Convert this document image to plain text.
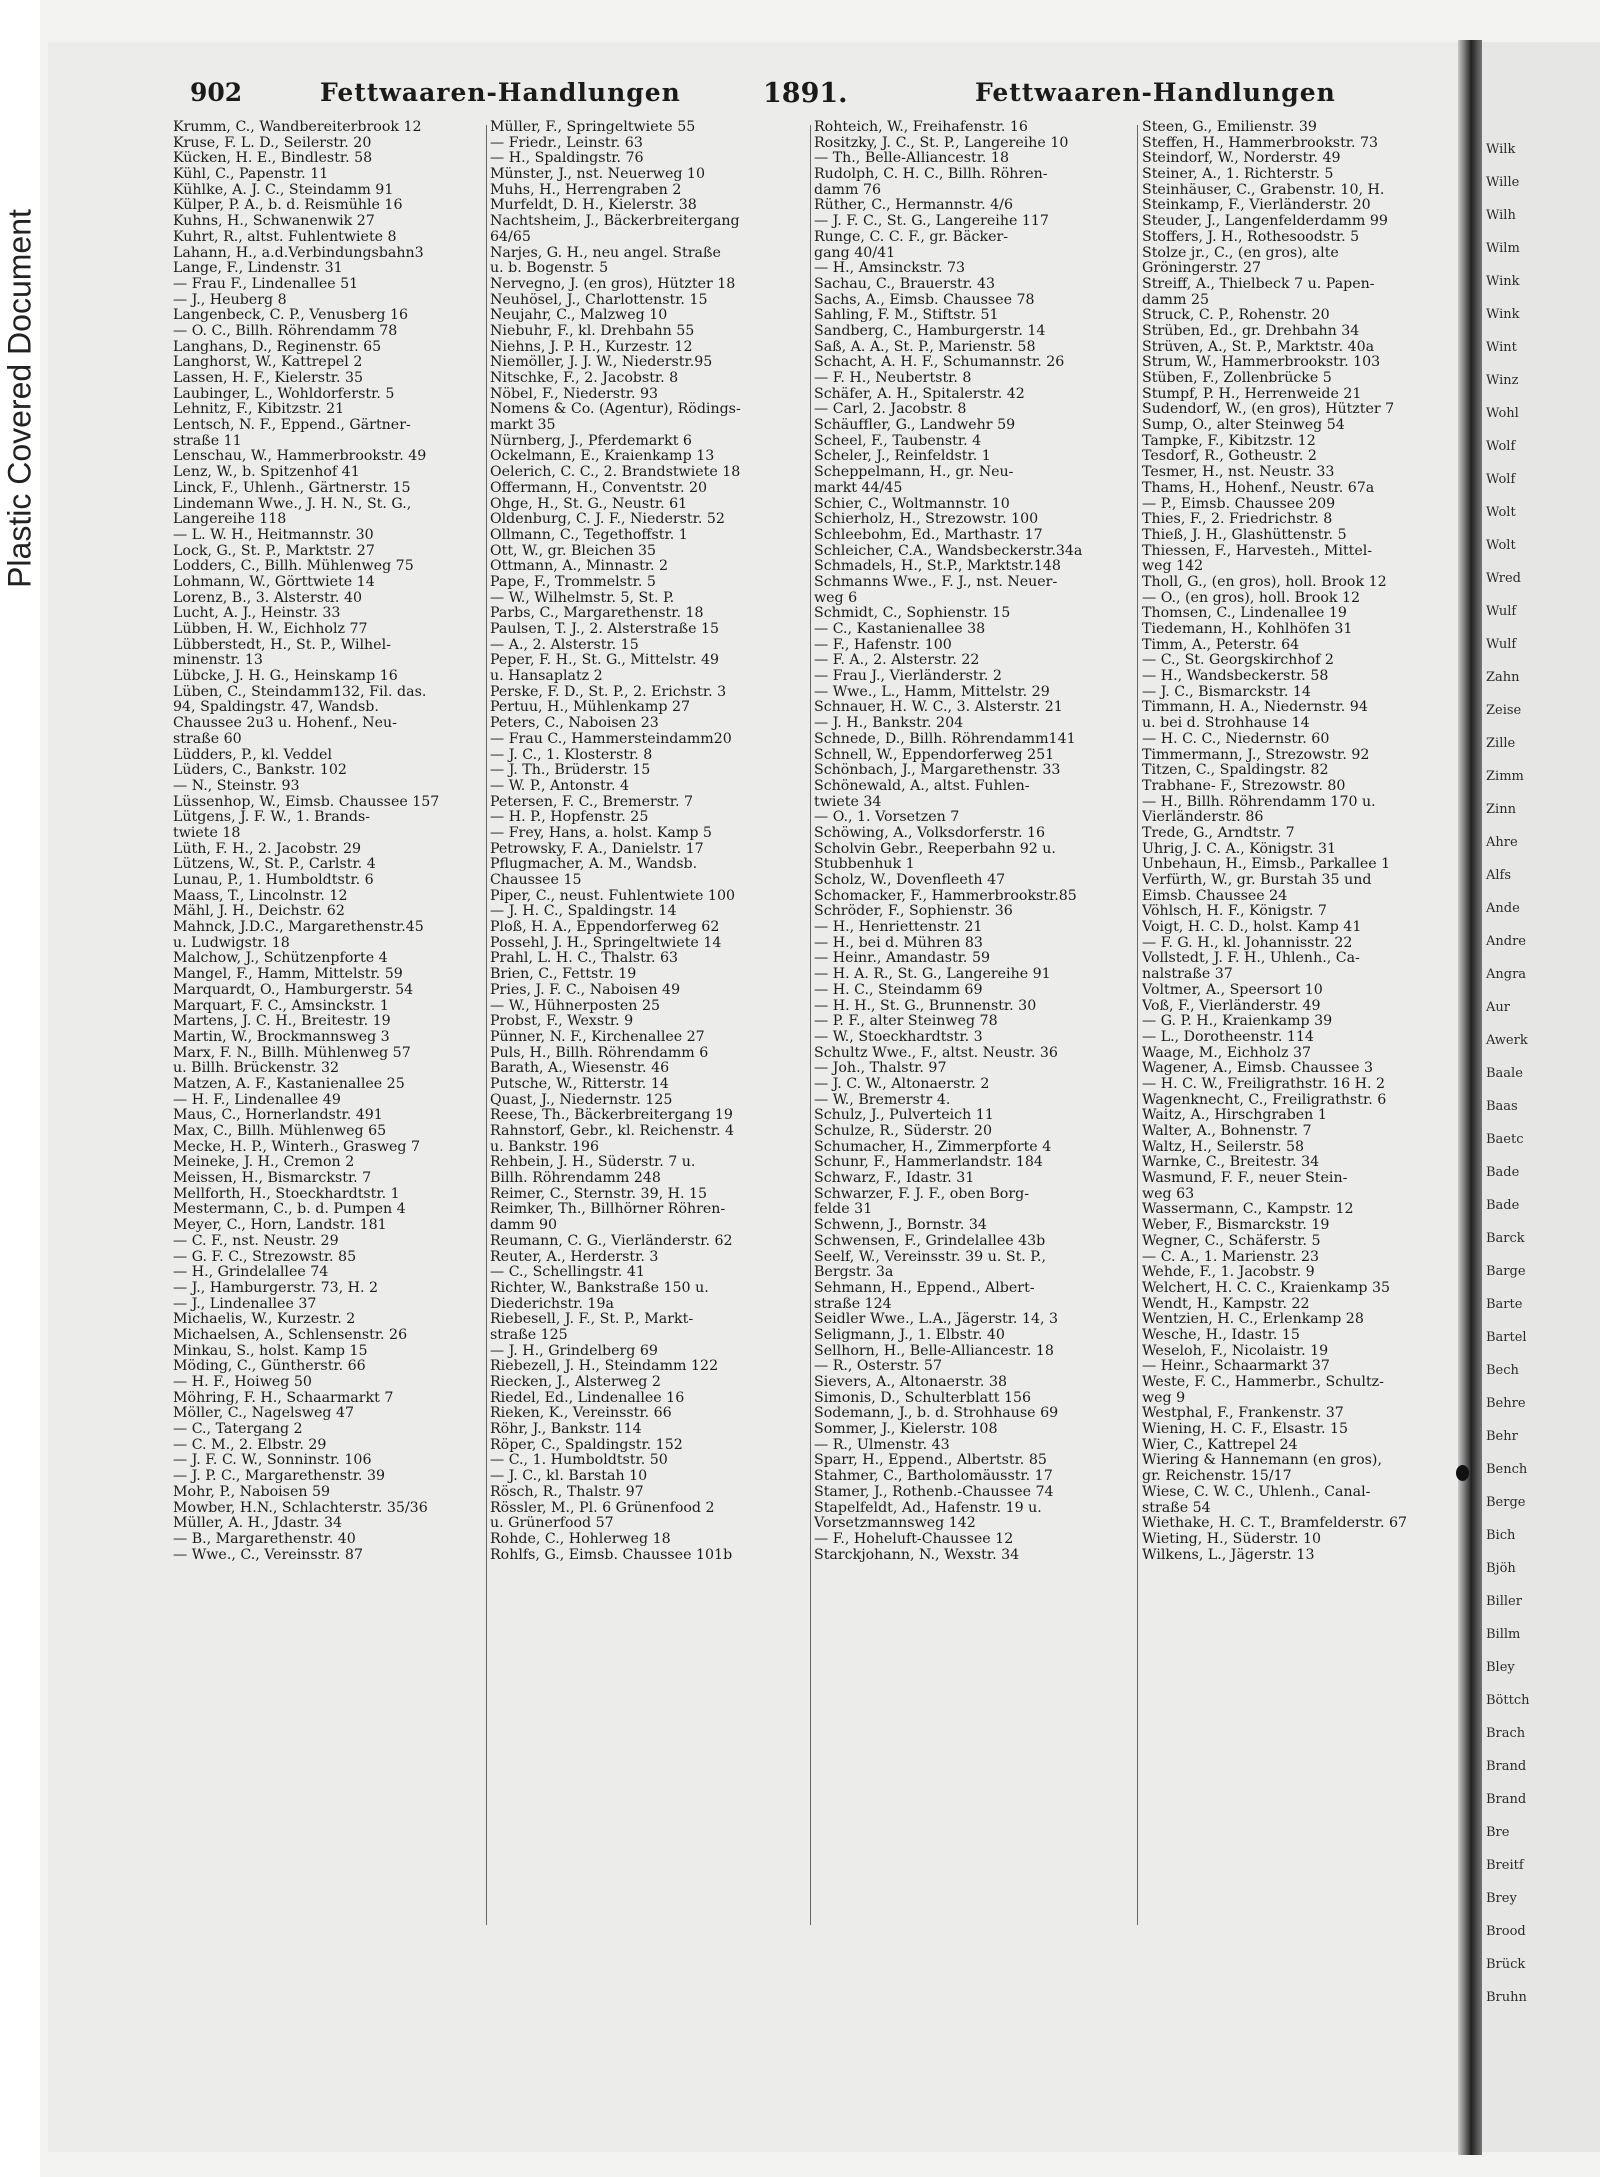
Plastic Covered Document
Wilk
Wille
Wilh
Wilm
Wink
Wink
Wint
Winz
Wohl
Wolf
Wolf
Wolt
Wolt
Wred
Wulf
Wulf
Zahn
Zeise
Zille
Zimm
Zinn
Ahre
Alfs
Ande
Andre
Angra
Aur
Awerk
Baale
Baas
Baetc
Bade
Bade
Barck
Barge
Barte
Bartel
Bech
Behre
Behr
Bench
Berge
Bich
Bjöh
Biller
Billm
Bley
Böttch
Brach
Brand
Brand
Bre
Breitf
Brey
Brood
Brück
Bruhn
902	Fettwaaren-Handlungen	1891.	Fettwaaren-Handlungen
Krumm, C., Wandbereiterbrook 12
Kruse, F. L. D., Seilerstr. 20
Kücken, H. E., Bindlestr. 58
Kühl, C., Papenstr. 11
Kühlke, A. J. C., Steindamm 91
Külper, P. A., b. d. Reismühle 16
Kuhns, H., Schwanenwik 27
Kuhrt, R., altst. Fuhlentwiete 8
Lahann, H., a.d.Verbindungsbahn3
Lange, F., Lindenstr. 31
— Frau F., Lindenallee 51
— J., Heuberg 8
Langenbeck, C. P., Venusberg 16
— O. C., Billh. Röhrendamm 78
Langhans, D., Reginenstr. 65
Langhorst, W., Kattrepel 2
Lassen, H. F., Kielerstr. 35
Laubinger, L., Wohldorferstr. 5
Lehnitz, F., Kibitzstr. 21
Lentsch, N. F., Eppend., Gärtner-
straße 11
Lenschau, W., Hammerbrookstr. 49
Lenz, W., b. Spitzenhof 41
Linck, F., Uhlenh., Gärtnerstr. 15
Lindemann Wwe., J. H. N., St. G.,
Langereihe 118
— L. W. H., Heitmannstr. 30
Lock, G., St. P., Marktstr. 27
Lodders, C., Billh. Mühlenweg 75
Lohmann, W., Görttwiete 14
Lorenz, B., 3. Alsterstr. 40
Lucht, A. J., Heinstr. 33
Lübben, H. W., Eichholz 77
Lübberstedt, H., St. P., Wilhel-
minenstr. 13
Lübcke, J. H. G., Heinskamp 16
Lüben, C., Steindamm132, Fil. das.
94, Spaldingstr. 47, Wandsb.
Chaussee 2u3 u. Hohenf., Neu-
straße 60
Lüdders, P., kl. Veddel
Lüders, C., Bankstr. 102
— N., Steinstr. 93
Lüssenhop, W., Eimsb. Chaussee 157
Lütgens, J. F. W., 1. Brands-
twiete 18
Lüth, F. H., 2. Jacobstr. 29
Lützens, W., St. P., Carlstr. 4
Lunau, P., 1. Humboldtstr. 6
Maass, T., Lincolnstr. 12
Mähl, J. H., Deichstr. 62
Mahnck, J.D.C., Margarethenstr.45
u. Ludwigstr. 18
Malchow, J., Schützenpforte 4
Mangel, F., Hamm, Mittelstr. 59
Marquardt, O., Hamburgerstr. 54
Marquart, F. C., Amsinckstr. 1
Martens, J. C. H., Breitestr. 19
Martin, W., Brockmannsweg 3
Marx, F. N., Billh. Mühlenweg 57
u. Billh. Brückenstr. 32
Matzen, A. F., Kastanienallee 25
— H. F., Lindenallee 49
Maus, C., Hornerlandstr. 491
Max, C., Billh. Mühlenweg 65
Mecke, H. P., Winterh., Grasweg 7
Meineke, J. H., Cremon 2
Meissen, H., Bismarckstr. 7
Mellforth, H., Stoeckhardtstr. 1
Mestermann, C., b. d. Pumpen 4
Meyer, C., Horn, Landstr. 181
— C. F., nst. Neustr. 29
— G. F. C., Strezowstr. 85
— H., Grindelallee 74
— J., Hamburgerstr. 73, H. 2
— J., Lindenallee 37
Michaelis, W., Kurzestr. 2
Michaelsen, A., Schlensenstr. 26
Minkau, S., holst. Kamp 15
Möding, C., Güntherstr. 66
— H. F., Hoiweg 50
Möhring, F. H., Schaarmarkt 7
Möller, C., Nagelsweg 47
— C., Tatergang 2
— C. M., 2. Elbstr. 29
— J. F. C. W., Sonninstr. 106
— J. P. C., Margarethenstr. 39
Mohr, P., Naboisen 59
Mowber, H.N., Schlachterstr. 35/36
Müller, A. H., Jdastr. 34
— B., Margarethenstr. 40
— Wwe., C., Vereinsstr. 87
Müller, F., Springeltwiete 55
— Friedr., Leinstr. 63
— H., Spaldingstr. 76
Münster, J., nst. Neuerweg 10
Muhs, H., Herrengraben 2
Murfeldt, D. H., Kielerstr. 38
Nachtsheim, J., Bäckerbreitergang
64/65
Narjes, G. H., neu angel. Straße
u. b. Bogenstr. 5
Nervegno, J. (en gros), Hützter 18
Neuhösel, J., Charlottenstr. 15
Neujahr, C., Malzweg 10
Niebuhr, F., kl. Drehbahn 55
Niehns, J. P. H., Kurzestr. 12
Niemöller, J. J. W., Niederstr.95
Nitschke, F., 2. Jacobstr. 8
Nöbel, F., Niederstr. 93
Nomens & Co. (Agentur), Rödings-
markt 35
Nürnberg, J., Pferdemarkt 6
Ockelmann, E., Kraienkamp 13
Oelerich, C. C., 2. Brandstwiete 18
Offermann, H., Conventstr. 20
Ohge, H., St. G., Neustr. 61
Oldenburg, C. J. F., Niederstr. 52
Ollmann, C., Tegethoffstr. 1
Ott, W., gr. Bleichen 35
Ottmann, A., Minnastr. 2
Pape, F., Trommelstr. 5
— W., Wilhelmstr. 5, St. P.
Parbs, C., Margarethenstr. 18
Paulsen, T. J., 2. Alsterstraße 15
— A., 2. Alsterstr. 15
Peper, F. H., St. G., Mittelstr. 49
u. Hansaplatz 2
Perske, F. D., St. P., 2. Erichstr. 3
Pertuu, H., Mühlenkamp 27
Peters, C., Naboisen 23
— Frau C., Hammersteindamm20
— J. C., 1. Klosterstr. 8
— J. Th., Brüderstr. 15
— W. P., Antonstr. 4
Petersen, F. C., Bremerstr. 7
— H. P., Hopfenstr. 25
— Frey, Hans, a. holst. Kamp 5
Petrowsky, F. A., Danielstr. 17
Pflugmacher, A. M., Wandsb.
Chaussee 15
Piper, C., neust. Fuhlentwiete 100
— J. H. C., Spaldingstr. 14
Ploß, H. A., Eppendorferweg 62
Possehl, J. H., Springeltwiete 14
Prahl, L. H. C., Thalstr. 63
Brien, C., Fettstr. 19
Pries, J. F. C., Naboisen 49
— W., Hühnerposten 25
Probst, F., Wexstr. 9
Pünner, N. F., Kirchenallee 27
Puls, H., Billh. Röhrendamm 6
Barath, A., Wiesenstr. 46
Putsche, W., Ritterstr. 14
Quast, J., Niedernstr. 125
Reese, Th., Bäckerbreitergang 19
Rahnstorf, Gebr., kl. Reichenstr. 4
u. Bankstr. 196
Rehbein, J. H., Süderstr. 7 u.
Billh. Röhrendamm 248
Reimer, C., Sternstr. 39, H. 15
Reimker, Th., Billhörner Röhren-
damm 90
Reumann, C. G., Vierländerstr. 62
Reuter, A., Herderstr. 3
— C., Schellingstr. 41
Richter, W., Bankstraße 150 u.
Diederichstr. 19a
Riebesell, J. F., St. P., Markt-
straße 125
— J. H., Grindelberg 69
Riebezell, J. H., Steindamm 122
Riecken, J., Alsterweg 2
Riedel, Ed., Lindenallee 16
Rieken, K., Vereinsstr. 66
Röhr, J., Bankstr. 114
Röper, C., Spaldingstr. 152
— C., 1. Humboldtstr. 50
— J. C., kl. Barstah 10
Rösch, R., Thalstr. 97
Rössler, M., Pl. 6 Grünenfood 2
u. Grünerfood 57
Rohde, C., Hohlerweg 18
Rohlfs, G., Eimsb. Chaussee 101b
Rohteich, W., Freihafenstr. 16
Rositzky, J. C., St. P., Langereihe 10
— Th., Belle-Alliancestr. 18
Rudolph, C. H. C., Billh. Röhren-
damm 76
Rüther, C., Hermannstr. 4/6
— J. F. C., St. G., Langereihe 117
Runge, C. C. F., gr. Bäcker-
gang 40/41
— H., Amsinckstr. 73
Sachau, C., Brauerstr. 43
Sachs, A., Eimsb. Chaussee 78
Sahling, F. M., Stiftstr. 51
Sandberg, C., Hamburgerstr. 14
Saß, A. A., St. P., Marienstr. 58
Schacht, A. H. F., Schumannstr. 26
— F. H., Neubertstr. 8
Schäfer, A. H., Spitalerstr. 42
— Carl, 2. Jacobstr. 8
Schäuffler, G., Landwehr 59
Scheel, F., Taubenstr. 4
Scheler, J., Reinfeldstr. 1
Scheppelmann, H., gr. Neu-
markt 44/45
Schier, C., Woltmannstr. 10
Schierholz, H., Strezowstr. 100
Schleebohm, Ed., Marthastr. 17
Schleicher, C.A., Wandsbeckerstr.34a
Schmadels, H., St.P., Marktstr.148
Schmanns Wwe., F. J., nst. Neuer-
weg 6
Schmidt, C., Sophienstr. 15
— C., Kastanienallee 38
— F., Hafenstr. 100
— F. A., 2. Alsterstr. 22
— Frau J., Vierländerstr. 2
— Wwe., L., Hamm, Mittelstr. 29
Schnauer, H. W. C., 3. Alsterstr. 21
— J. H., Bankstr. 204
Schnede, D., Billh. Röhrendamm141
Schnell, W., Eppendorferweg 251
Schönbach, J., Margarethenstr. 33
Schönewald, A., altst. Fuhlen-
twiete 34
— O., 1. Vorsetzen 7
Schöwing, A., Volksdorferstr. 16
Scholvin Gebr., Reeperbahn 92 u.
Stubbenhuk 1
Scholz, W., Dovenfleeth 47
Schomacker, F., Hammerbrookstr.85
Schröder, F., Sophienstr. 36
— H., Henriettenstr. 21
— H., bei d. Mühren 83
— Heinr., Amandastr. 59
— H. A. R., St. G., Langereihe 91
— H. C., Steindamm 69
— H. H., St. G., Brunnenstr. 30
— P. F., alter Steinweg 78
— W., Stoeckhardtstr. 3
Schultz Wwe., F., altst. Neustr. 36
— Joh., Thalstr. 97
— J. C. W., Altonaerstr. 2
— W., Bremerstr 4.
Schulz, J., Pulverteich 11
Schulze, R., Süderstr. 20
Schumacher, H., Zimmerpforte 4
Schunr, F., Hammerlandstr. 184
Schwarz, F., Idastr. 31
Schwarzer, F. J. F., oben Borg-
felde 31
Schwenn, J., Bornstr. 34
Schwensen, F., Grindelallee 43b
Seelf, W., Vereinsstr. 39 u. St. P.,
Bergstr. 3a
Sehmann, H., Eppend., Albert-
straße 124
Seidler Wwe., L.A., Jägerstr. 14, 3
Seligmann, J., 1. Elbstr. 40
Sellhorn, H., Belle-Alliancestr. 18
— R., Osterstr. 57
Sievers, A., Altonaerstr. 38
Simonis, D., Schulterblatt 156
Sodemann, J., b. d. Strohhause 69
Sommer, J., Kielerstr. 108
— R., Ulmenstr. 43
Sparr, H., Eppend., Albertstr. 85
Stahmer, C., Bartholomäusstr. 17
Stamer, J., Rothenb.-Chaussee 74
Stapelfeldt, Ad., Hafenstr. 19 u.
Vorsetzmannsweg 142
— F., Hoheluft-Chaussee 12
Starckjohann, N., Wexstr. 34
Steen, G., Emilienstr. 39
Steffen, H., Hammerbrookstr. 73
Steindorf, W., Norderstr. 49
Steiner, A., 1. Richterstr. 5
Steinhäuser, C., Grabenstr. 10, H.
Steinkamp, F., Vierländerstr. 20
Steuder, J., Langenfelderdamm 99
Stoffers, J. H., Rothesoodstr. 5
Stolze jr., C., (en gros), alte
Gröningerstr. 27
Streiff, A., Thielbeck 7 u. Papen-
damm 25
Struck, C. P., Rohenstr. 20
Strüben, Ed., gr. Drehbahn 34
Strüven, A., St. P., Marktstr. 40a
Strum, W., Hammerbrookstr. 103
Stüben, F., Zollenbrücke 5
Stumpf, P. H., Herrenweide 21
Sudendorf, W., (en gros), Hützter 7
Sump, O., alter Steinweg 54
Tampke, F., Kibitzstr. 12
Tesdorf, R., Gotheustr. 2
Tesmer, H., nst. Neustr. 33
Thams, H., Hohenf., Neustr. 67a
— P., Eimsb. Chaussee 209
Thies, F., 2. Friedrichstr. 8
Thieß, J. H., Glashüttenstr. 5
Thiessen, F., Harvesteh., Mittel-
weg 142
Tholl, G., (en gros), holl. Brook 12
— O., (en gros), holl. Brook 12
Thomsen, C., Lindenallee 19
Tiedemann, H., Kohlhöfen 31
Timm, A., Peterstr. 64
— C., St. Georgskirchhof 2
— H., Wandsbeckerstr. 58
— J. C., Bismarckstr. 14
Timmann, H. A., Niedernstr. 94
u. bei d. Strohhause 14
— H. C. C., Niedernstr. 60
Timmermann, J., Strezowstr. 92
Titzen, C., Spaldingstr. 82
Trabhane- F., Strezowstr. 80
— H., Billh. Röhrendamm 170 u.
Vierländerstr. 86
Trede, G., Arndtstr. 7
Uhrig, J. C. A., Königstr. 31
Unbehaun, H., Eimsb., Parkallee 1
Verfürth, W., gr. Burstah 35 und
Eimsb. Chaussee 24
Vöhlsch, H. F., Königstr. 7
Voigt, H. C. D., holst. Kamp 41
— F. G. H., kl. Johannisstr. 22
Vollstedt, J. F. H., Uhlenh., Ca-
nalstraße 37
Voltmer, A., Speersort 10
Voß, F., Vierländerstr. 49
— G. P. H., Kraienkamp 39
— L., Dorotheenstr. 114
Waage, M., Eichholz 37
Wagener, A., Eimsb. Chaussee 3
— H. C. W., Freiligrathstr. 16 H. 2
Wagenknecht, C., Freiligrathstr. 6
Waitz, A., Hirschgraben 1
Walter, A., Bohnenstr. 7
Waltz, H., Seilerstr. 58
Warnke, C., Breitestr. 34
Wasmund, F. F., neuer Stein-
weg 63
Wassermann, C., Kampstr. 12
Weber, F., Bismarckstr. 19
Wegner, C., Schäferstr. 5
— C. A., 1. Marienstr. 23
Wehde, F., 1. Jacobstr. 9
Welchert, H. C. C., Kraienkamp 35
Wendt, H., Kampstr. 22
Wentzien, H. C., Erlenkamp 28
Wesche, H., Idastr. 15
Weseloh, F., Nicolaistr. 19
— Heinr., Schaarmarkt 37
Weste, F. C., Hammerbr., Schultz-
weg 9
Westphal, F., Frankenstr. 37
Wiening, H. C. F., Elsastr. 15
Wier, C., Kattrepel 24
Wiering & Hannemann (en gros),
gr. Reichenstr. 15/17
Wiese, C. W. C., Uhlenh., Canal-
straße 54
Wiethake, H. C. T., Bramfelderstr. 67
Wieting, H., Süderstr. 10
Wilkens, L., Jägerstr. 13
